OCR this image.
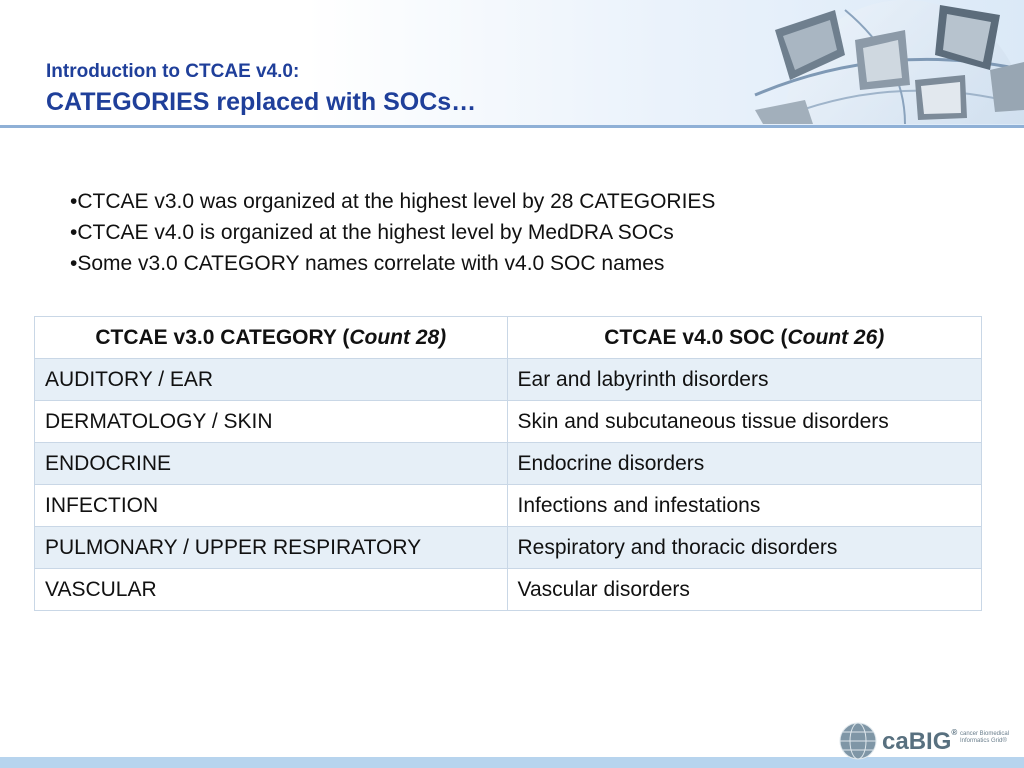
Introduction to CTCAE v4.0:
CATEGORIES replaced with SOCs…
•CTCAE v3.0 was organized at the highest level by 28 CATEGORIES
•CTCAE v4.0 is organized at the highest level by MedDRA SOCs
•Some v3.0 CATEGORY names correlate with v4.0 SOC names
CTCAE v3.0 CATEGORY (Count 28)	CTCAE v4.0 SOC (Count 26)
AUDITORY / EAR	Ear and labyrinth disorders
DERMATOLOGY / SKIN	Skin and subcutaneous tissue disorders
ENDOCRINE	Endocrine disorders
INFECTION	Infections and infestations
PULMONARY / UPPER RESPIRATORY	Respiratory and thoracic disorders
VASCULAR	Vascular disorders
caBIG® cancer Biomedical Informatics Grid®
